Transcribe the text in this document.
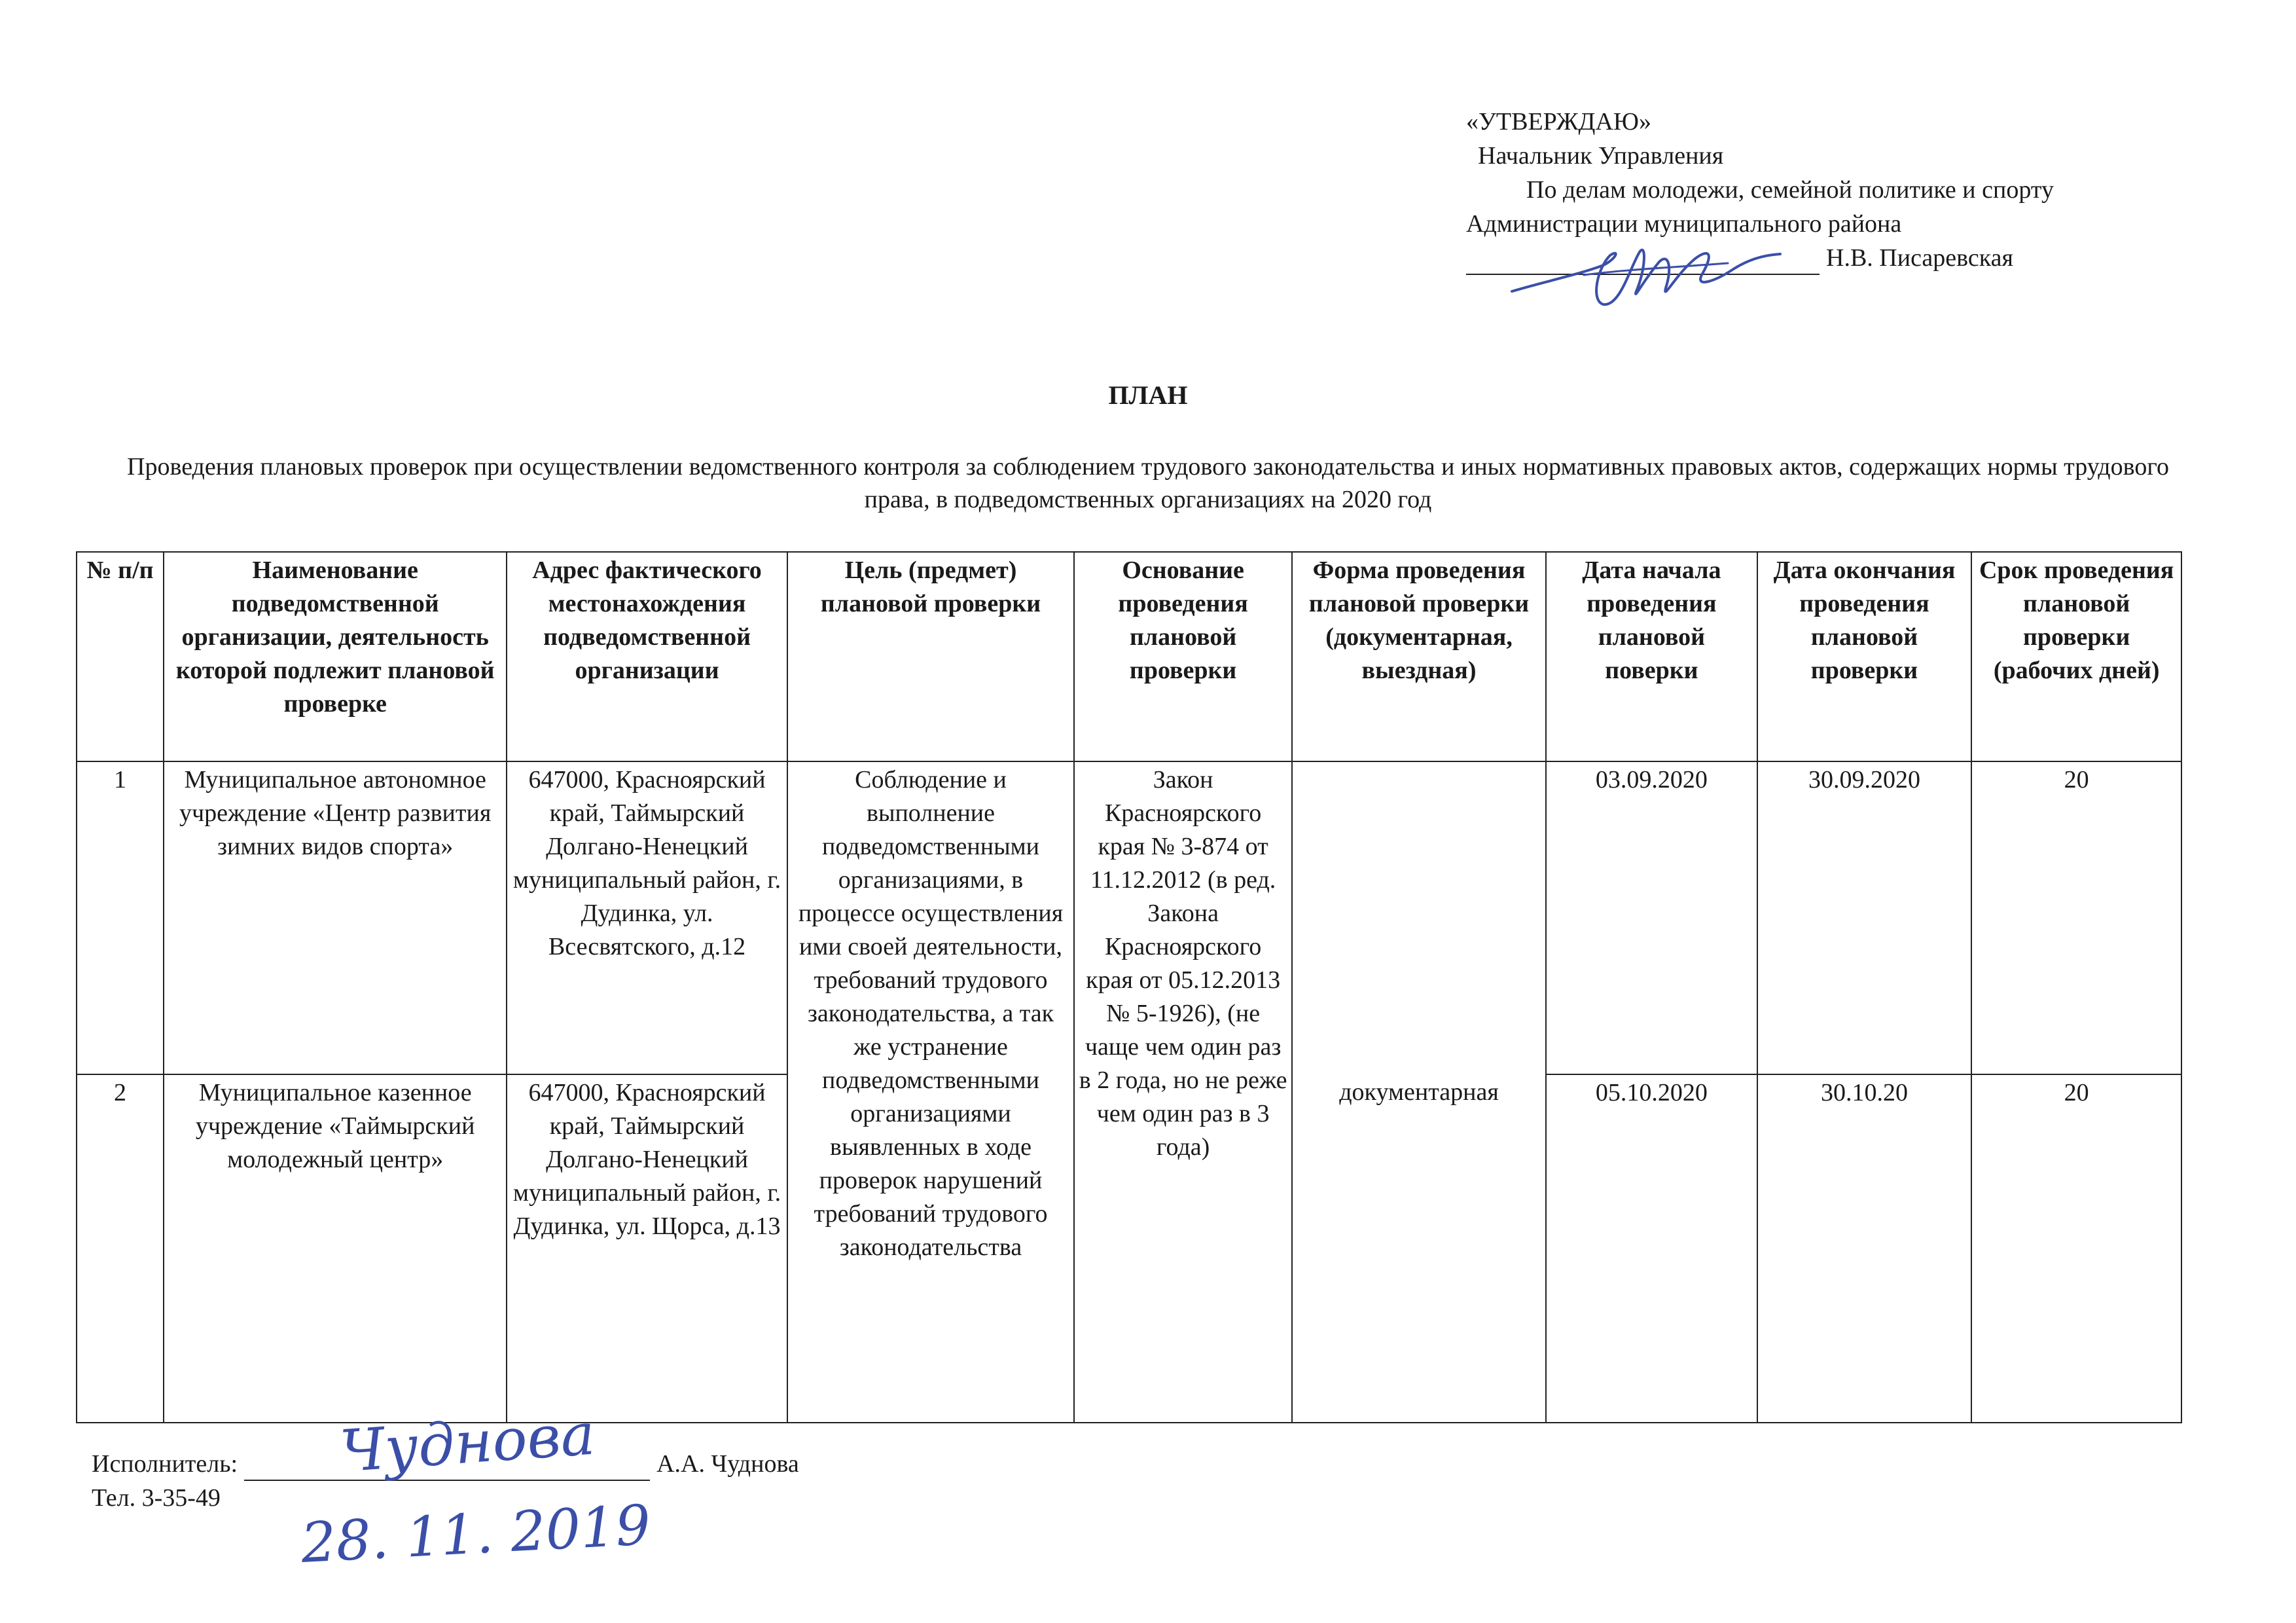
«УТВЕРЖДАЮ»
Начальник Управления
По делам молодежи, семейной политике и спорту
Администрации муниципального района
Н.В. Писаревская
ПЛАН
Проведения плановых проверок при осуществлении ведомственного контроля за соблюдением трудового законодательства и иных нормативных правовых актов, содержащих нормы трудового права, в подведомственных организациях на 2020 год
№ п/п	Наименование подведомственной организации, деятельность которой подлежит плановой проверке	Адрес фактического местонахождения подведомственной организации	Цель (предмет) плановой проверки	Основание проведения плановой проверки	Форма проведения плановой проверки (документарная, выездная)	Дата начала проведения плановой поверки	Дата окончания проведения плановой проверки	Срок проведения плановой проверки (рабочих дней)
1	Муниципальное автономное учреждение «Центр развития зимних видов спорта»	647000, Красноярский край, Таймырский Долгано-Ненецкий муниципальный район, г. Дудинка, ул. Всесвятского, д.12	Соблюдение и выполнение подведомственными организациями, в процессе осуществления ими своей деятельности, требований трудового законодательства, а так же устранение подведомственными организациями выявленных в ходе проверок нарушений требований трудового законодательства	Закон Красноярского края № 3-874 от 11.12.2012 (в ред. Закона Красноярского края от 05.12.2013 № 5-1926), (не чаще чем один раз в 2 года, но не реже чем один раз в 3 года)	документарная	03.09.2020	30.09.2020	20
2	Муниципальное казенное учреждение «Таймырский молодежный центр»	647000, Красноярский край, Таймырский Долгано-Ненецкий муниципальный район, г. Дудинка, ул. Щорса, д.13				05.10.2020	30.10.20	20
Исполнитель:	А.А. Чуднова
Тел. 3-35-49
Чуднова
28. 11. 2019
